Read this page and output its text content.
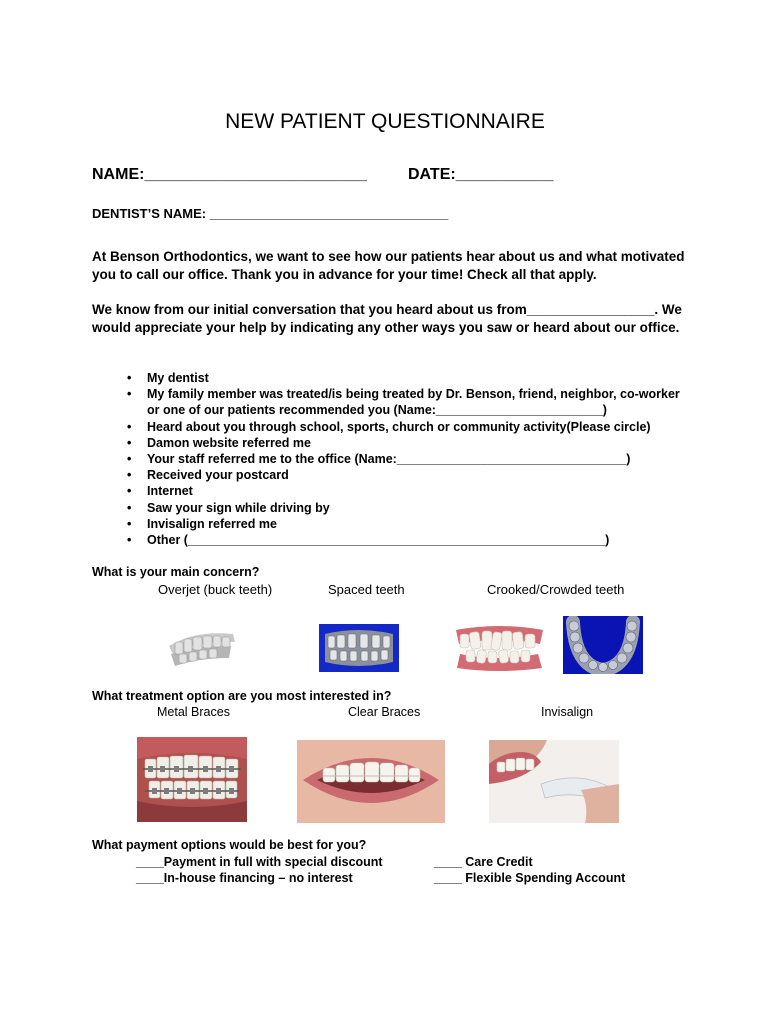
NEW PATIENT QUESTIONNAIRE
NAME:_________________________	DATE:___________
DENTIST’S NAME: _________________________________
At Benson Orthodontics, we want to see how our patients hear about us and what motivated you to call our office. Thank you in advance for your time! Check all that apply.
We know from our initial conversation that you heard about us from_________________. We would appreciate your help by indicating any other ways you saw or heard about our office.
• My dentist
• My family member was treated/is being treated by Dr. Benson, friend, neighbor, co-worker or one of our patients recommended you (Name:________________________)
• Heard about you through school, sports, church or community activity(Please circle)
• Damon website referred me
• Your staff referred me to the office (Name:_________________________________)
• Received your postcard
• Internet
• Saw your sign while driving by
• Invisalign referred me
• Other (____________________________________________________________)
What is your main concern?
Overjet (buck teeth)	Spaced teeth	Crooked/Crowded teeth
What treatment option are you most interested in?
Metal Braces	Clear Braces	Invisalign
What payment options would be best for you?
____Payment in full with special discount	____ Care Credit
____In-house financing – no interest	____ Flexible Spending Account
